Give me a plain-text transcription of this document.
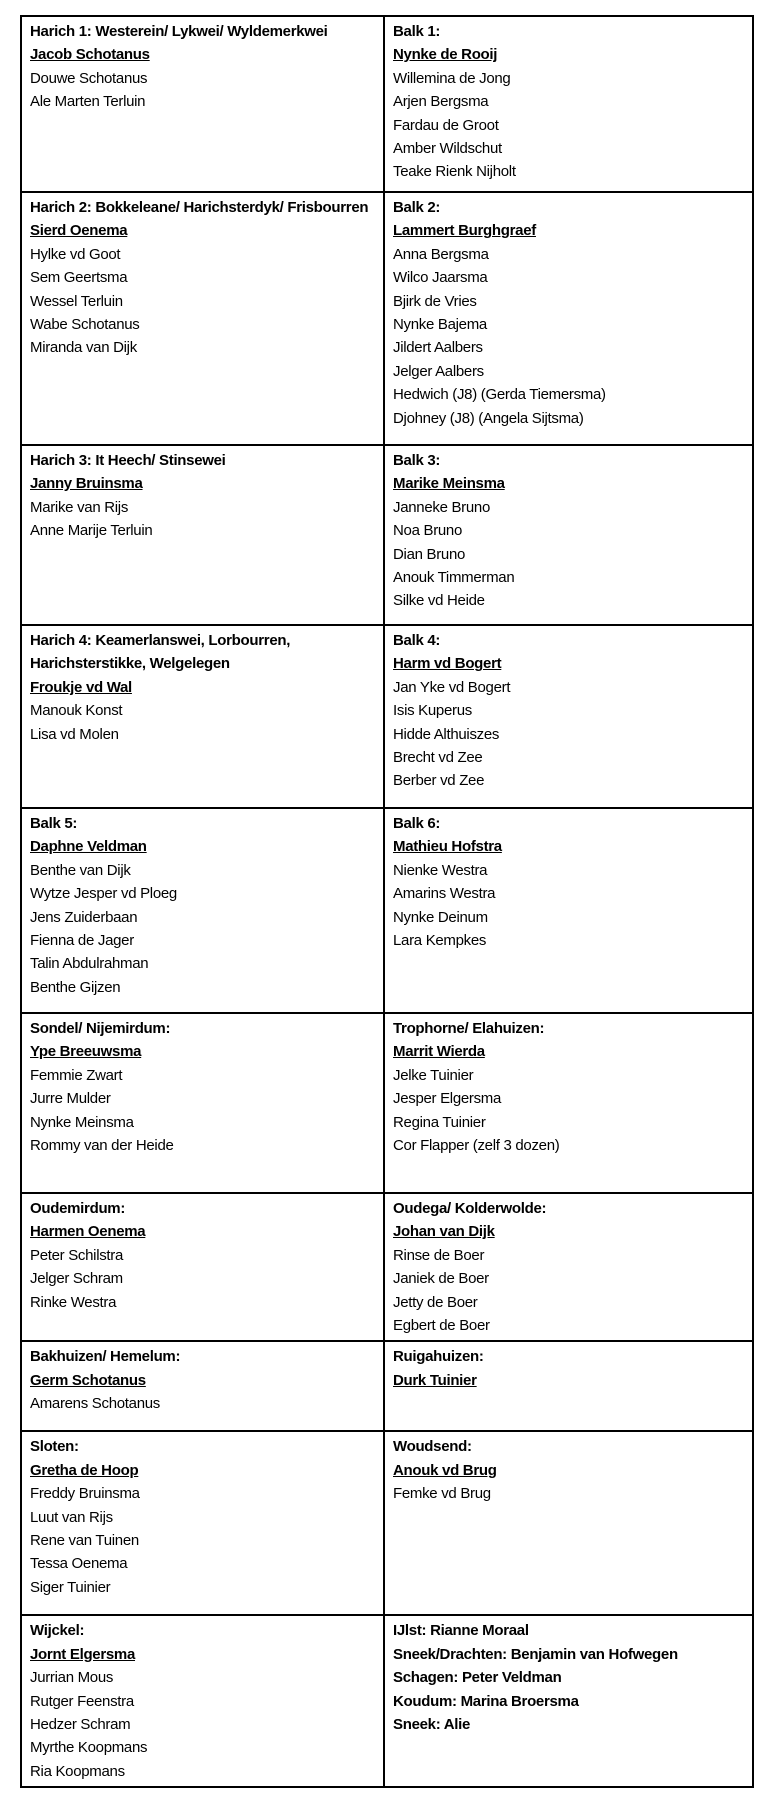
Harich 1: Westerein/ Lykwei/ Wyldemerkwei
Jacob Schotanus
Douwe Schotanus
Ale Marten Terluin

Balk 1:
Nynke de Rooij
Willemina de Jong
Arjen Bergsma
Fardau de Groot
Amber Wildschut
Teake Rienk Nijholt

Harich 2: Bokkeleane/ Harichsterdyk/ Frisbourren
Sierd Oenema
Hylke vd Goot
Sem Geertsma
Wessel Terluin
Wabe Schotanus
Miranda van Dijk

Balk 2:
Lammert Burghgraef
Anna Bergsma
Wilco Jaarsma
Bjirk de Vries
Nynke Bajema
Jildert Aalbers
Jelger Aalbers
Hedwich (J8) (Gerda Tiemersma)
Djohney (J8) (Angela Sijtsma)

Harich 3: It Heech/ Stinsewei
Janny Bruinsma
Marike van Rijs
Anne Marije Terluin

Balk 3:
Marike Meinsma
Janneke Bruno
Noa Bruno
Dian Bruno
Anouk Timmerman
Silke vd Heide

Harich 4: Keamerlanswei, Lorbourren, Harichsterstikke, Welgelegen
Froukje vd Wal
Manouk Konst
Lisa vd Molen

Balk 4:
Harm vd Bogert
Jan Yke vd Bogert
Isis Kuperus
Hidde Althuiszes
Brecht vd Zee
Berber vd Zee

Balk 5:
Daphne Veldman
Benthe van Dijk
Wytze Jesper vd Ploeg
Jens Zuiderbaan
Fienna de Jager
Talin Abdulrahman
Benthe Gijzen

Balk 6:
Mathieu Hofstra
Nienke Westra
Amarins Westra
Nynke Deinum
Lara Kempkes

Sondel/ Nijemirdum:
Ype Breeuwsma
Femmie Zwart
Jurre Mulder
Nynke Meinsma
Rommy van der Heide

Trophorne/ Elahuizen:
Marrit Wierda
Jelke Tuinier
Jesper Elgersma
Regina Tuinier
Cor Flapper (zelf 3 dozen)

Oudemirdum:
Harmen Oenema
Peter Schilstra
Jelger Schram
Rinke Westra

Oudega/ Kolderwolde:
Johan van Dijk
Rinse de Boer
Janiek de Boer
Jetty de Boer
Egbert de Boer

Bakhuizen/ Hemelum:
Germ Schotanus
Amarens Schotanus

Ruigahuizen:
Durk Tuinier

Sloten:
Gretha de Hoop
Freddy Bruinsma
Luut van Rijs
Rene van Tuinen
Tessa Oenema
Siger Tuinier

Woudsend:
Anouk vd Brug
Femke vd Brug

Wijckel:
Jornt Elgersma
Jurrian Mous
Rutger Feenstra
Hedzer Schram
Myrthe Koopmans
Ria Koopmans

IJlst: Rianne Moraal
Sneek/Drachten: Benjamin van Hofwegen
Schagen: Peter Veldman
Koudum: Marina Broersma
Sneek: Alie
